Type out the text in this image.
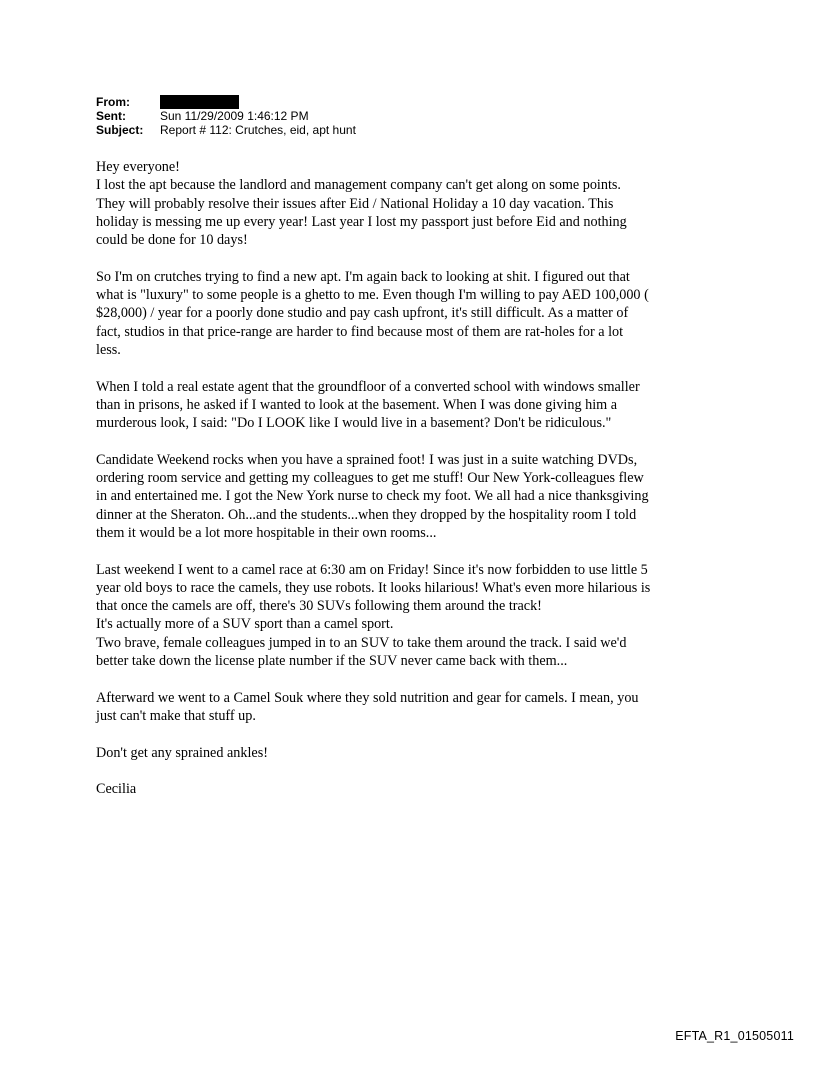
From:
Sent:	Sun 11/29/2009 1:46:12 PM
Subject:	Report # 112: Crutches, eid, apt hunt
Hey everyone!
I lost the apt because the landlord and management company can't get along on some points.
They will probably resolve their issues after Eid / National Holiday a 10 day vacation. This
holiday is messing me up every year! Last year I lost my passport just before Eid and nothing
could be done for 10 days!
So I'm on crutches trying to find a new apt. I'm again back to looking at shit. I figured out that
what is "luxury" to some people is a ghetto to me. Even though I'm willing to pay AED 100,000 (
$28,000) / year for a poorly done studio and pay cash upfront, it's still difficult. As a matter of
fact, studios in that price-range are harder to find because most of them are rat-holes for a lot
less.
When I told a real estate agent that the groundfloor of a converted school with windows smaller
than in prisons, he asked if I wanted to look at the basement. When I was done giving him a
murderous look, I said: "Do I LOOK like I would live in a basement? Don't be ridiculous."
Candidate Weekend rocks when you have a sprained foot! I was just in a suite watching DVDs,
ordering room service and getting my colleagues to get me stuff! Our New York-colleagues flew
in and entertained me. I got the New York nurse to check my foot. We all had a nice thanksgiving
dinner at the Sheraton. Oh...and the students...when they dropped by the hospitality room I told
them it would be a lot more hospitable in their own rooms...
Last weekend I went to a camel race at 6:30 am on Friday! Since it's now forbidden to use little 5
year old boys to race the camels, they use robots. It looks hilarious! What's even more hilarious is
that once the camels are off, there's 30 SUVs following them around the track!
It's actually more of a SUV sport than a camel sport.
Two brave, female colleagues jumped in to an SUV to take them around the track. I said we'd
better take down the license plate number if the SUV never came back with them...
Afterward we went to a Camel Souk where they sold nutrition and gear for camels. I mean, you
just can't make that stuff up.
Don't get any sprained ankles!
Cecilia
EFTA_R1_01505011
